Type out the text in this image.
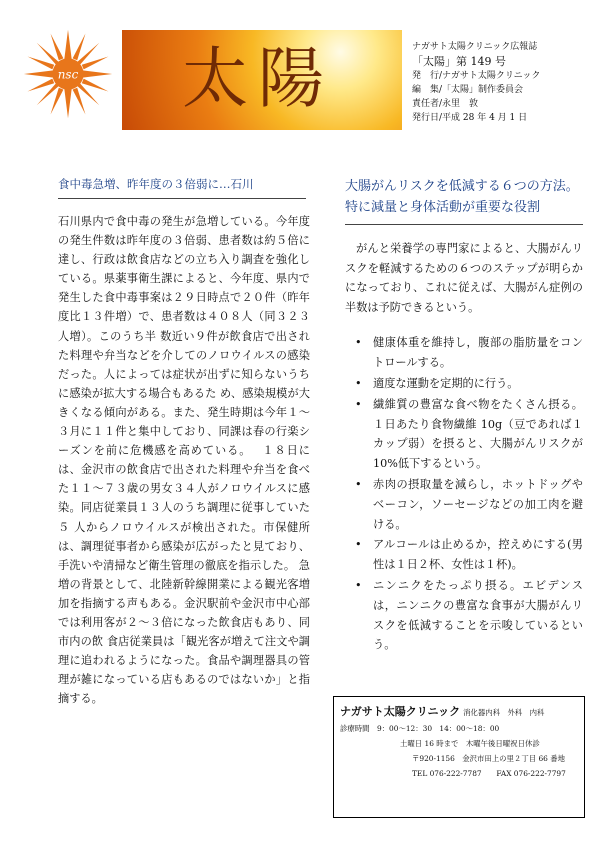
nsc 太陽	ナガサト太陽クリニック広報誌
「太陽」第 149 号
発　行/ナガサト太陽クリニック
編　集/「太陽」制作委員会
責任者/永里　敦
発行日/平成 28 年 4 月 1 日
食中毒急増、昨年度の３倍弱に…石川

石川県内で食中毒の発生が急増している。今年度の発生件数は昨年度の３倍弱、患者数は約５倍に達し、行政は飲食店などの立ち入り調査を強化している。県薬事衛生課によると、今年度、県内で発生した食中毒事案は２９日時点で２０件（昨年度比１３件増）で、患者数は４０８人（同３２３人増）。このうち半 数近い９件が飲食店で出された料理や弁当などを介してのノロウイルスの感染だった。人によっては症状が出ずに知らないうちに感染が拡大する場合もあるた め、感染規模が大きくなる傾向がある。また、発生時期は今年１～３月に１１件と集中しており、同課は春の行楽シーズンを前に危機感を高めている。　 １８日には、金沢市の飲食店で出された料理や弁当を食べた１１～７３歳の男女３４人がノロウイルスに感染。同店従業員１３人のうち調理に従事していた５ 人からノロウイルスが検出された。市保健所は、調理従事者から感染が広がったと見ており、手洗いや清掃など衛生管理の徹底を指示した。 急増の背景として、北陸新幹線開業による観光客増加を指摘する声もある。金沢駅前や金沢市中心部では利用客が２～３倍になった飲食店もあり、同市内の飲 食店従業員は「観光客が増えて注文や調理に追われるようになった。食品や調理器具の管理が雑になっている店もあるのではないか」と指摘する。

大腸がんリスクを低減する６つの方法。特に減量と身体活動が重要な役割

がんと栄養学の専門家によると、大腸がんリスクを軽減するための６つのステップが明らかになっており、これに従えば、大腸がん症例の半数は予防できるという。

• 健康体重を維持し，腹部の脂肪量をコントロールする。
• 適度な運動を定期的に行う。
• 繊維質の豊富な食べ物をたくさん摂る。１日あたり食物繊維 10g（豆であれば１カップ弱）を摂ると、大腸がんリスクが 10%低下するという。
• 赤肉の摂取量を減らし，ホットドッグやベーコン，ソーセージなどの加工肉を避ける。
• アルコールは止めるか，控えめにする(男性は１日２杯、女性は１杯)。
• ニンニクをたっぷり摂る。エビデンスは，ニンニクの豊富な食事が大腸がんリスクを低減することを示唆しているという。
ナガサト太陽クリニック 消化器内科　外科　内科
診療時間　9：00～12：30　14：00～18：00
土曜日 16 時まで　木曜午後日曜祝日休診
〒920-1156　金沢市田上の里２丁目 66 番地
TEL 076-222-7787　　FAX 076-222-7797
